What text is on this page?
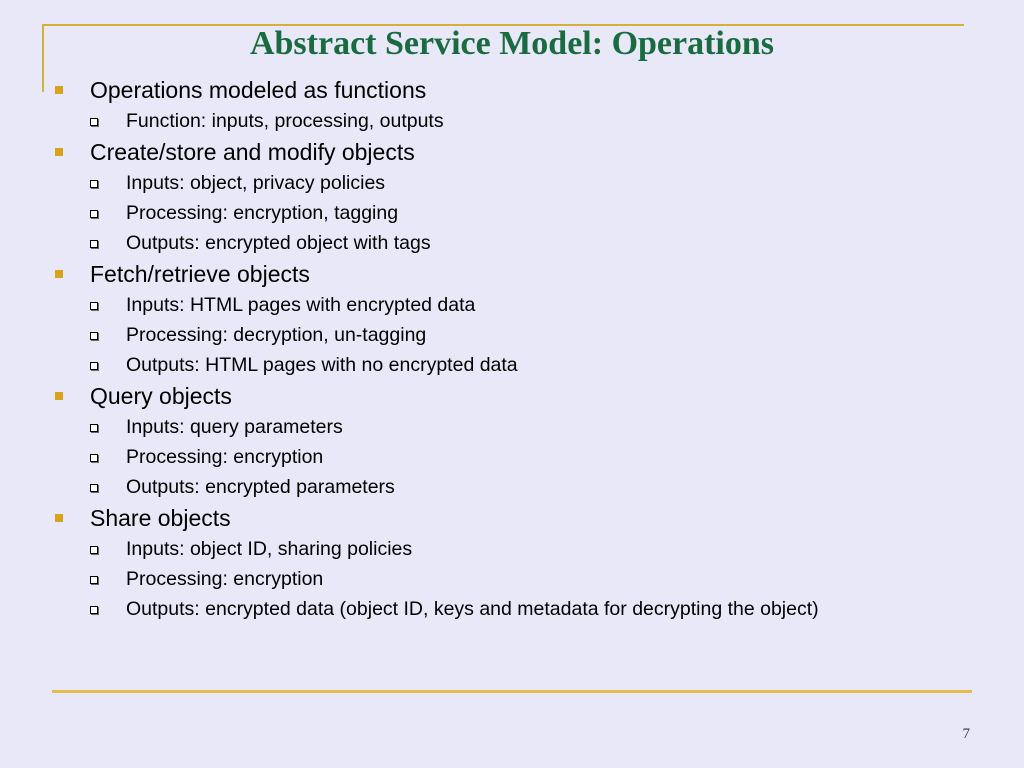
Abstract Service Model: Operations
Operations modeled as functions
Function: inputs, processing, outputs
Create/store and modify objects
Inputs: object, privacy policies
Processing: encryption, tagging
Outputs: encrypted object with tags
Fetch/retrieve objects
Inputs: HTML pages with encrypted data
Processing: decryption, un-tagging
Outputs: HTML pages with no encrypted data
Query objects
Inputs: query parameters
Processing: encryption
Outputs: encrypted parameters
Share objects
Inputs: object ID, sharing policies
Processing: encryption
Outputs: encrypted data (object ID, keys and metadata for decrypting the object)
7
